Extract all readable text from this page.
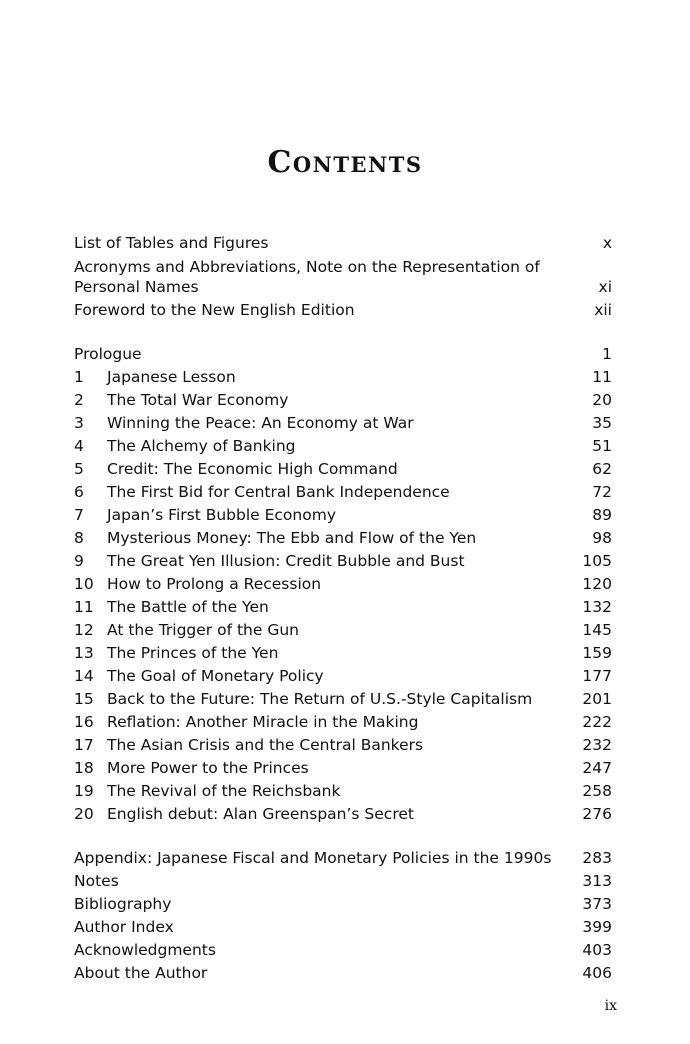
Contents
List of Tables and Figures	x
Acronyms and Abbreviations, Note on the Representation of Personal Names	xi
Foreword to the New English Edition	xii
Prologue	1
1	Japanese Lesson	11
2	The Total War Economy	20
3	Winning the Peace: An Economy at War	35
4	The Alchemy of Banking	51
5	Credit: The Economic High Command	62
6	The First Bid for Central Bank Independence	72
7	Japan’s First Bubble Economy	89
8	Mysterious Money: The Ebb and Flow of the Yen	98
9	The Great Yen Illusion: Credit Bubble and Bust	105
10 How to Prolong a Recession	120
11 The Battle of the Yen	132
12 At the Trigger of the Gun	145
13 The Princes of the Yen	159
14 The Goal of Monetary Policy	177
15 Back to the Future: The Return of U.S.-Style Capitalism	201
16 Reflation: Another Miracle in the Making	222
17 The Asian Crisis and the Central Bankers	232
18 More Power to the Princes	247
19 The Revival of the Reichsbank	258
20 English debut: Alan Greenspan’s Secret	276
Appendix: Japanese Fiscal and Monetary Policies in the 1990s	283
Notes	313
Bibliography	373
Author Index	399
Acknowledgments	403
About the Author	406
ix
